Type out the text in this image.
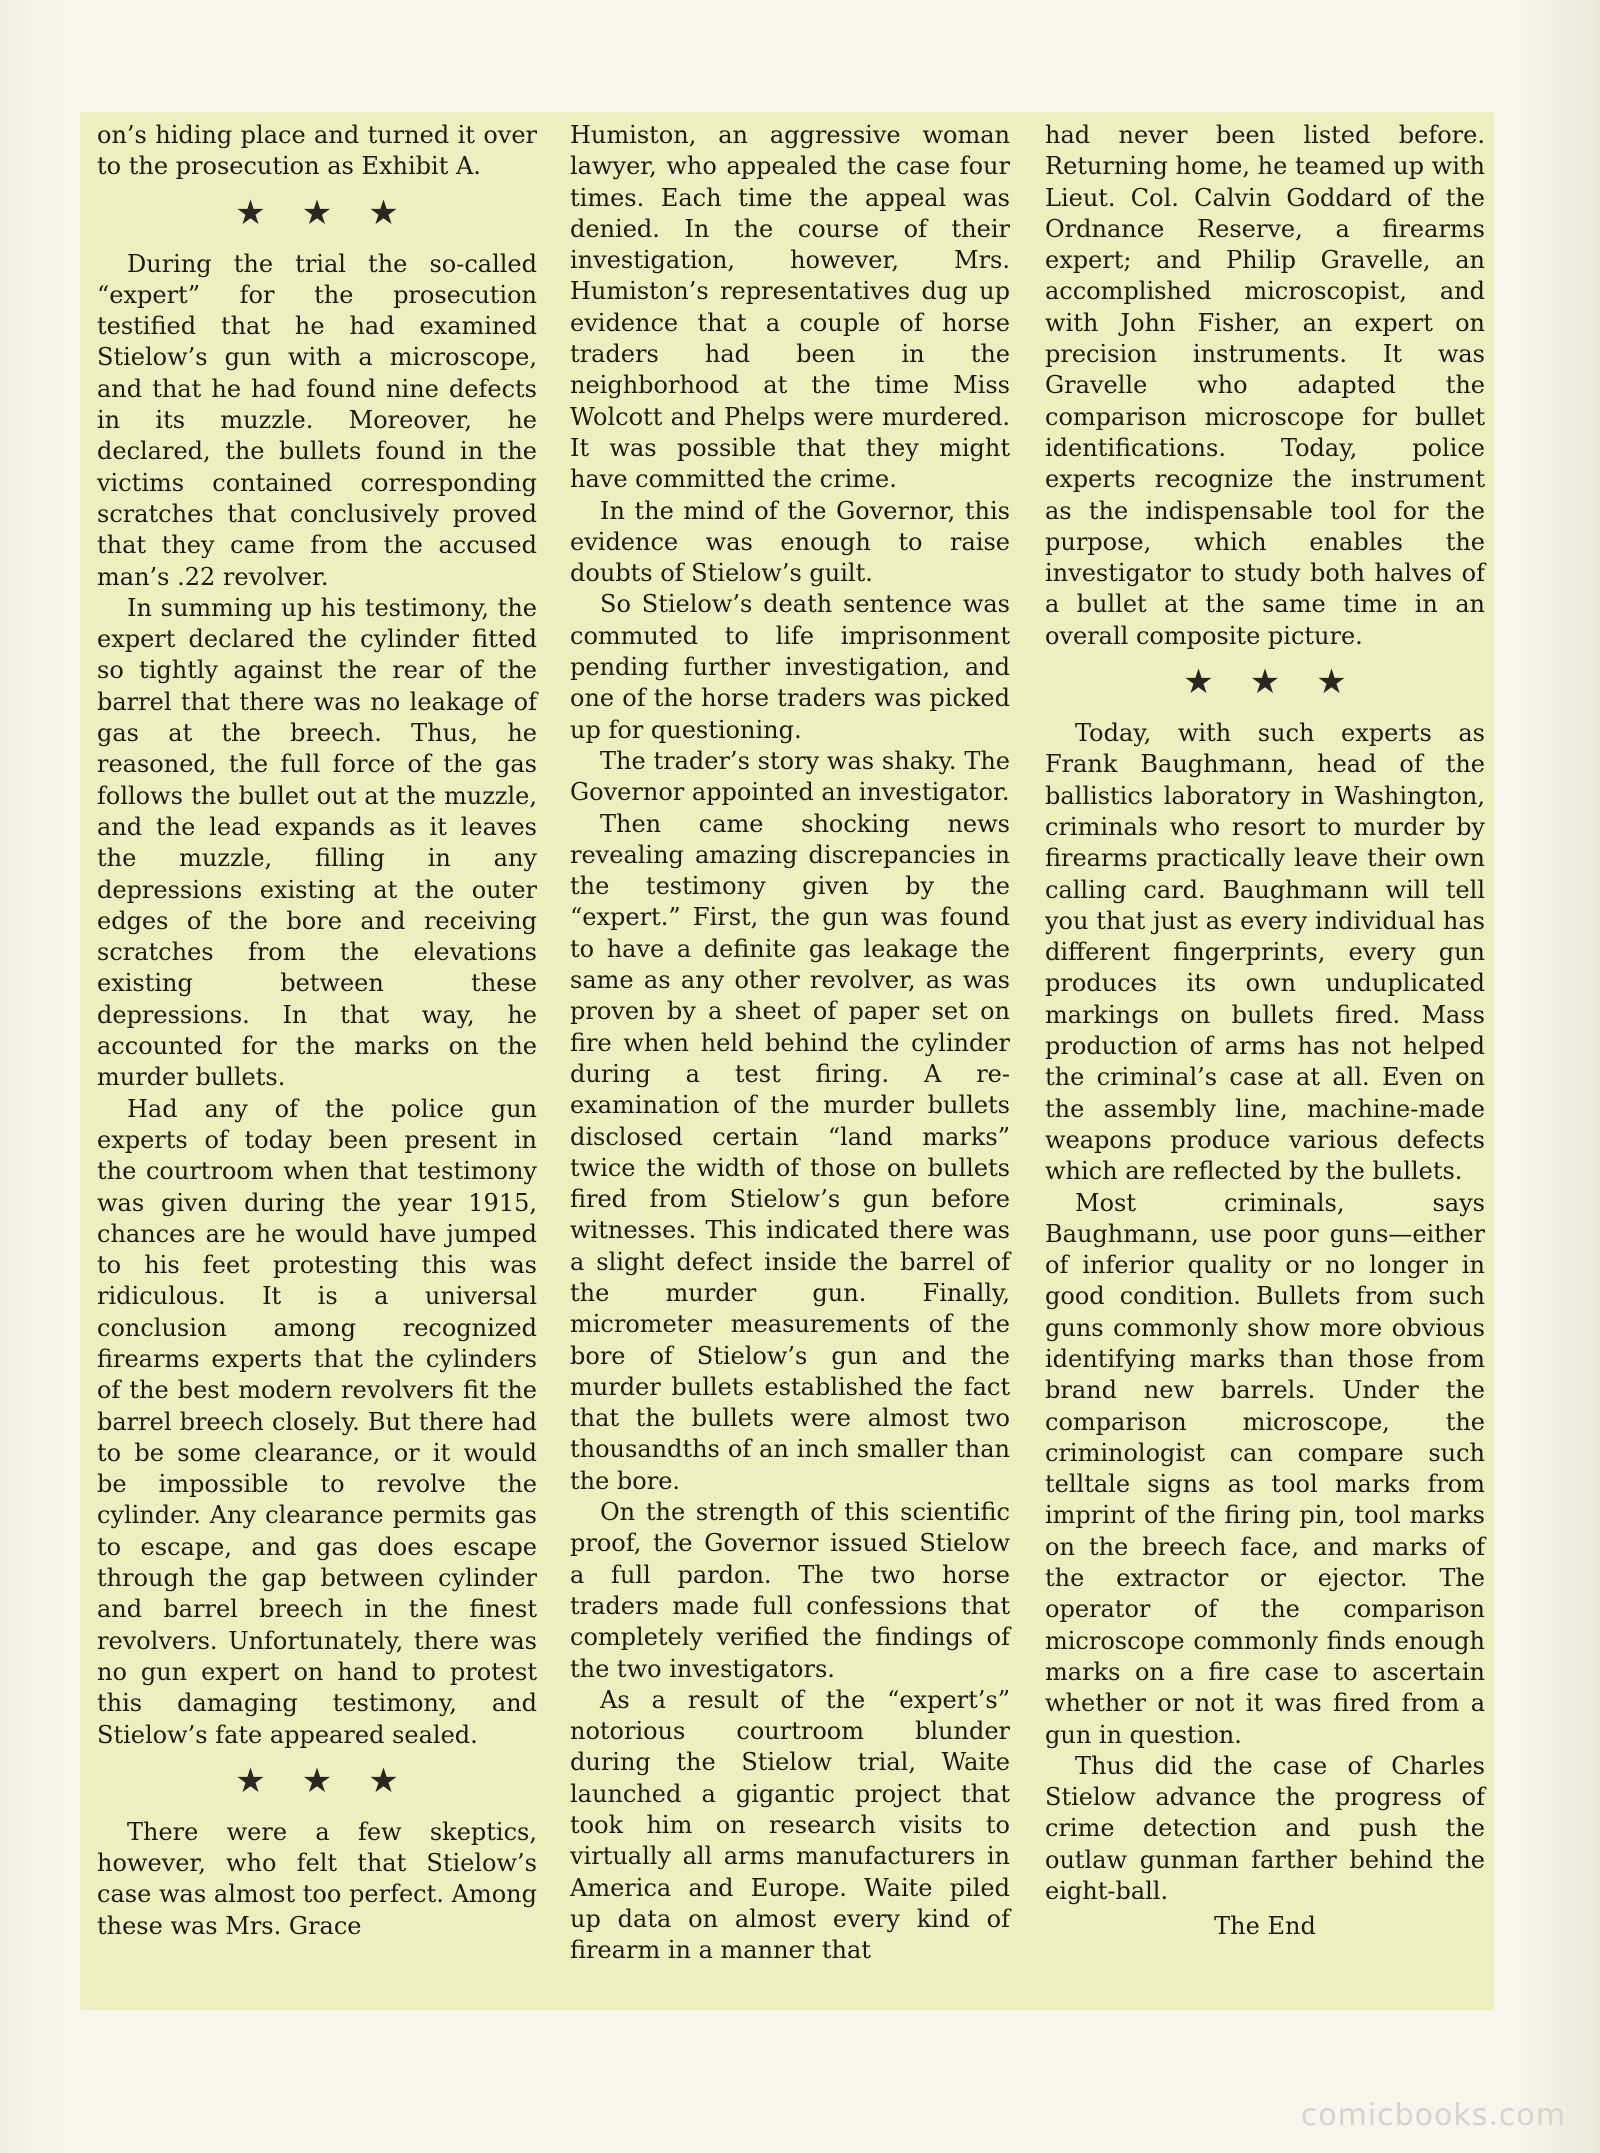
on’s hiding place and turned it over to the prosecution as Exhibit A.

★★★

During the trial the so-called “expert” for the prosecution testified that he had examined Stielow’s gun with a microscope, and that he had found nine defects in its muzzle. Moreover, he declared, the bullets found in the victims contained corresponding scratches that conclusively proved that they came from the accused man’s .22 revolver.

In summing up his testimony, the expert declared the cylinder fitted so tightly against the rear of the barrel that there was no leakage of gas at the breech. Thus, he reasoned, the full force of the gas follows the bullet out at the muzzle, and the lead expands as it leaves the muzzle, filling in any depressions existing at the outer edges of the bore and receiving scratches from the elevations existing between these depressions. In that way, he accounted for the marks on the murder bullets.

Had any of the police gun experts of today been present in the courtroom when that testimony was given during the year 1915, chances are he would have jumped to his feet protesting this was ridiculous. It is a universal conclusion among recognized firearms experts that the cylinders of the best modern revolvers fit the barrel breech closely. But there had to be some clearance, or it would be impossible to revolve the cylinder. Any clearance permits gas to escape, and gas does escape through the gap between cylinder and barrel breech in the finest revolvers. Unfortunately, there was no gun expert on hand to protest this damaging testimony, and Stielow’s fate appeared sealed.

★★★

There were a few skeptics, however, who felt that Stielow’s case was almost too perfect. Among these was Mrs. Grace

Humiston, an aggressive woman lawyer, who appealed the case four times. Each time the appeal was denied. In the course of their investigation, however, Mrs. Humiston’s representatives dug up evidence that a couple of horse traders had been in the neighborhood at the time Miss Wolcott and Phelps were murdered. It was possible that they might have committed the crime.

In the mind of the Governor, this evidence was enough to raise doubts of Stielow’s guilt.

So Stielow’s death sentence was commuted to life imprisonment pending further investigation, and one of the horse traders was picked up for questioning.

The trader’s story was shaky. The Governor appointed an investigator.

Then came shocking news revealing amazing discrepancies in the testimony given by the “expert.” First, the gun was found to have a definite gas leakage the same as any other revolver, as was proven by a sheet of paper set on fire when held behind the cylinder during a test firing. A re-examination of the murder bullets disclosed certain “land marks” twice the width of those on bullets fired from Stielow’s gun before witnesses. This indicated there was a slight defect inside the barrel of the murder gun. Finally, micrometer measurements of the bore of Stielow’s gun and the murder bullets established the fact that the bullets were almost two thousandths of an inch smaller than the bore.

On the strength of this scientific proof, the Governor issued Stielow a full pardon. The two horse traders made full confessions that completely verified the findings of the two investigators.

As a result of the “expert’s” notorious courtroom blunder during the Stielow trial, Waite launched a gigantic project that took him on research visits to virtually all arms manufacturers in America and Europe. Waite piled up data on almost every kind of firearm in a manner that

had never been listed before. Returning home, he teamed up with Lieut. Col. Calvin Goddard of the Ordnance Reserve, a firearms expert; and Philip Gravelle, an accomplished microscopist, and with John Fisher, an expert on precision instruments. It was Gravelle who adapted the comparison microscope for bullet identifications. Today, police experts recognize the instrument as the indispensable tool for the purpose, which enables the investigator to study both halves of a bullet at the same time in an overall composite picture.

★★★

Today, with such experts as Frank Baughmann, head of the ballistics laboratory in Washington, criminals who resort to murder by firearms practically leave their own calling card. Baughmann will tell you that just as every individual has different fingerprints, every gun produces its own unduplicated markings on bullets fired. Mass production of arms has not helped the criminal’s case at all. Even on the assembly line, machine-made weapons produce various defects which are reflected by the bullets.

Most criminals, says Baughmann, use poor guns—either of inferior quality or no longer in good condition. Bullets from such guns commonly show more obvious identifying marks than those from brand new barrels. Under the comparison microscope, the criminologist can compare such telltale signs as tool marks from imprint of the firing pin, tool marks on the breech face, and marks of the extractor or ejector. The operator of the comparison microscope commonly finds enough marks on a fire case to ascertain whether or not it was fired from a gun in question.

Thus did the case of Charles Stielow advance the progress of crime detection and push the outlaw gunman farther behind the eight-ball.

The End
comicbooks.com
